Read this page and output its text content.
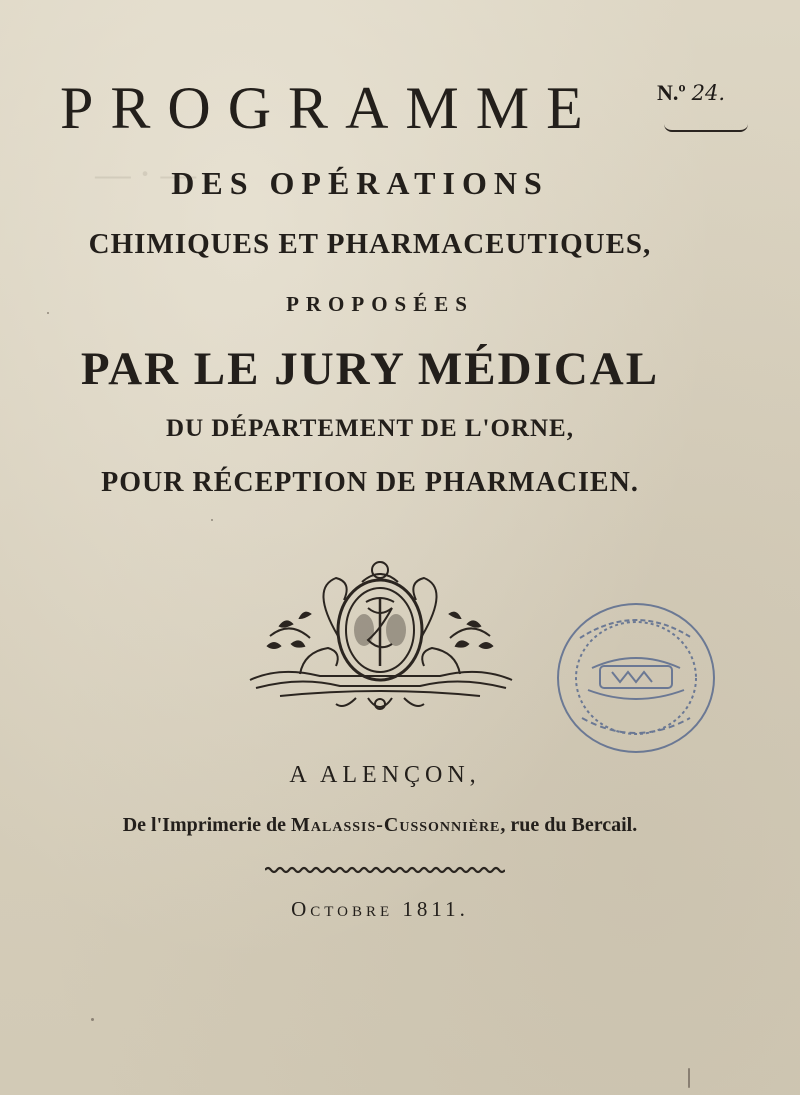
— · —
PROGRAMME	N.º 24.
DES OPÉRATIONS
CHIMIQUES ET PHARMACEUTIQUES,
PROPOSÉES
PAR LE JURY MÉDICAL
DU DÉPARTEMENT DE L'ORNE,
POUR RÉCEPTION DE PHARMACIEN.
A ALENÇON,
De l'Imprimerie de Malassis-Cussonnière, rue du Bercail.
Octobre 1811.
